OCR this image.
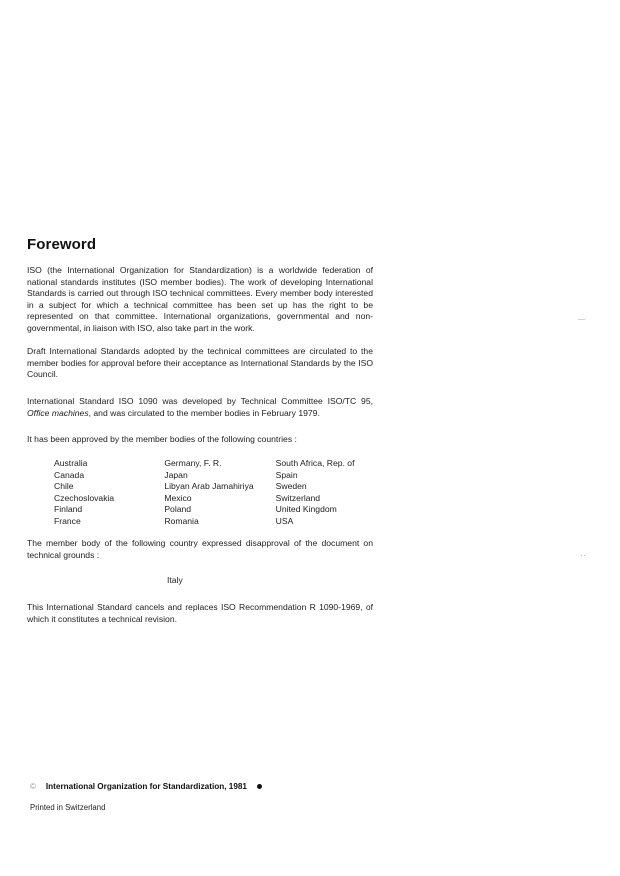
Foreword

ISO (the International Organization for Standardization) is a worldwide federation of national standards institutes (ISO member bodies). The work of developing International Standards is carried out through ISO technical committees. Every member body interested in a subject for which a technical committee has been set up has the right to be represented on that committee. International organizations, governmental and non-governmental, in liaison with ISO, also take part in the work.

Draft International Standards adopted by the technical committees are circulated to the member bodies for approval before their acceptance as International Standards by the ISO Council.

International Standard ISO 1090 was developed by Technical Committee ISO/TC 95, Office machines, and was circulated to the member bodies in February 1979.

It has been approved by the member bodies of the following countries :

Australia
Canada
Chile
Czechoslovakia
Finland
France
Germany, F. R.
Japan
Libyan Arab Jamahiriya
Mexico
Poland
Romania
South Africa, Rep. of
Spain
Sweden
Switzerland
United Kingdom
USA

The member body of the following country expressed disapproval of the document on technical grounds :

Italy

This International Standard cancels and replaces ISO Recommendation R 1090-1969, of which it constitutes a technical revision.

© International Organization for Standardization, 1981
Printed in Switzerland
‿
··
